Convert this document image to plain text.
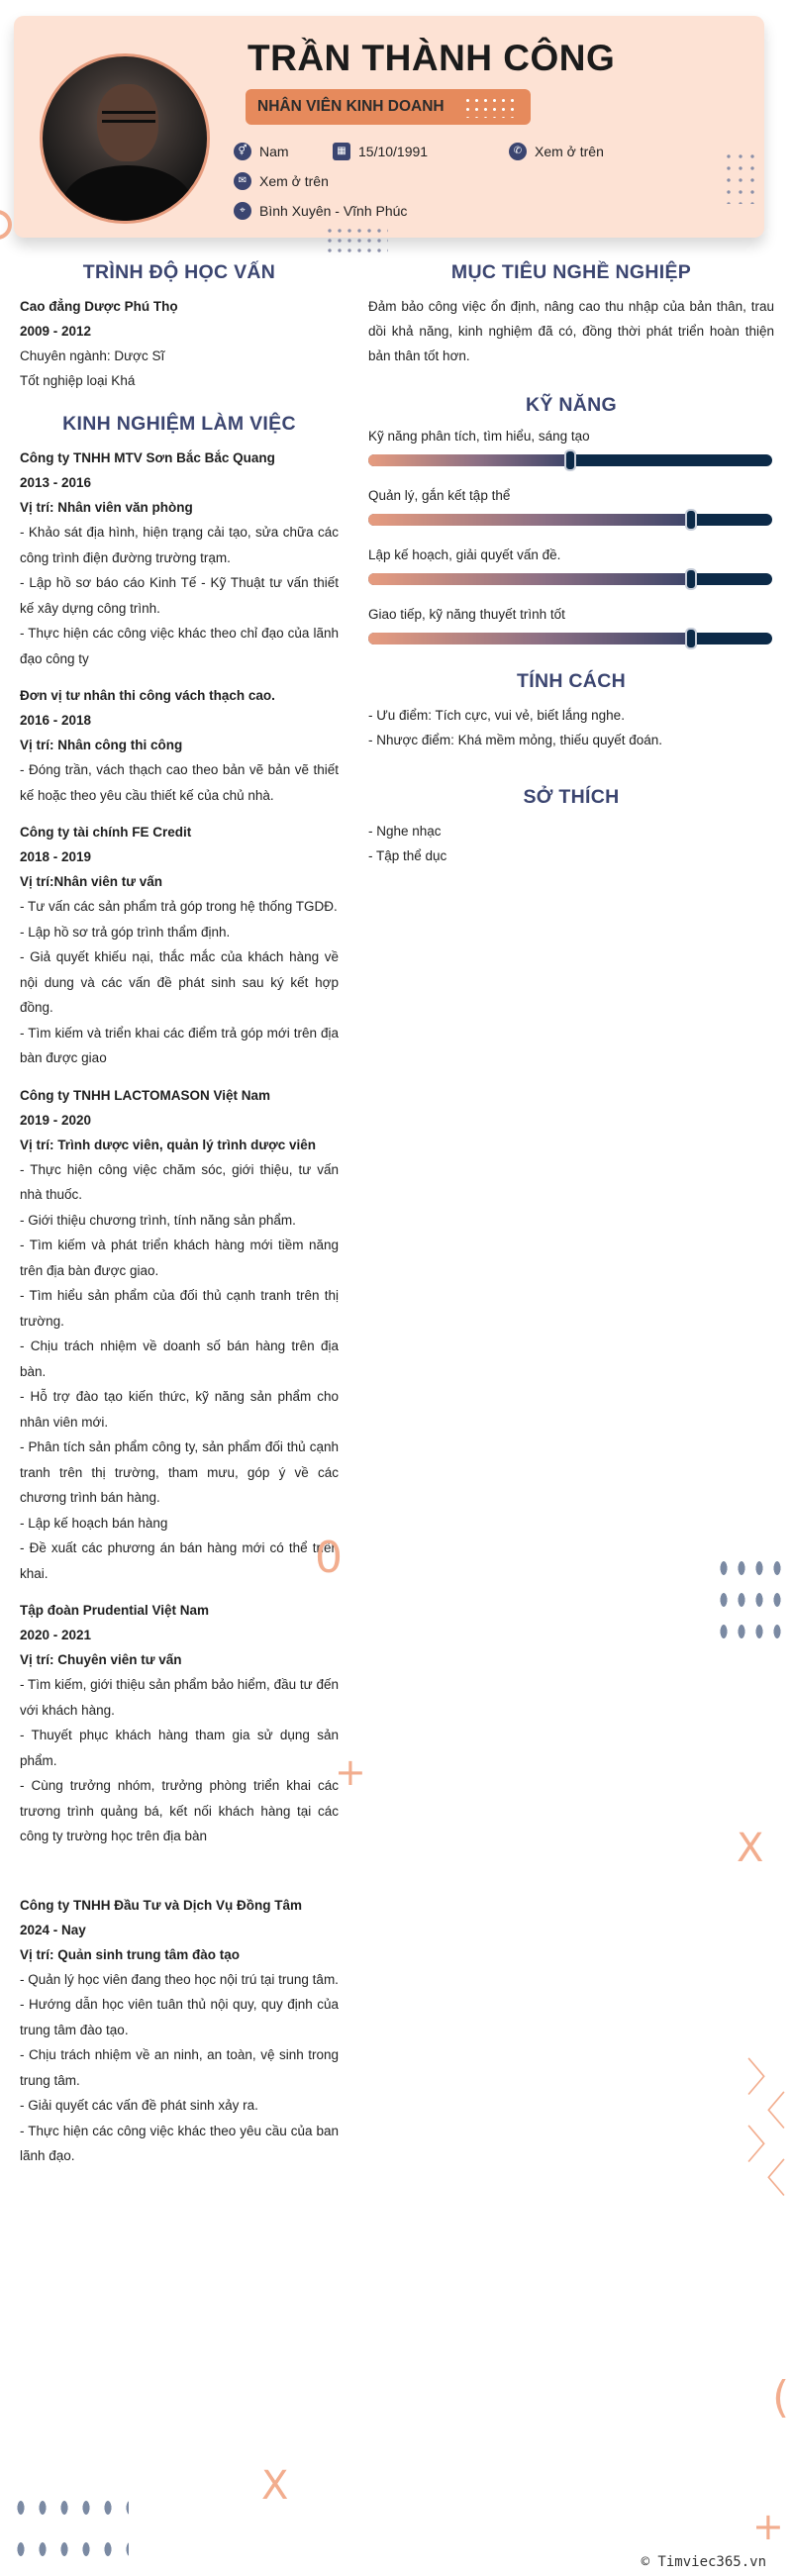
TRẦN THÀNH CÔNG
NHÂN VIÊN KINH DOANH
⚥ Nam	▦ 15/10/1991	✆ Xem ở trên
✉ Xem ở trên
⌖	Bình Xuyên - Vĩnh Phúc
TRÌNH ĐỘ HỌC VẤN
Cao đẳng Dược Phú Thọ
2009 - 2012
Chuyên ngành: Dược Sĩ
Tốt nghiệp loại Khá
KINH NGHIỆM LÀM VIỆC
Công ty TNHH MTV Sơn Bắc Bắc Quang
2013 - 2016
Vị trí: Nhân viên văn phòng
- Khảo sát địa hình, hiện trạng cải tạo, sửa chữa các công trình điện đường trường trạm.
- Lập hồ sơ báo cáo Kinh Tế - Kỹ Thuật tư vấn thiết kế xây dựng công trình.
- Thực hiện các công việc khác theo chỉ đạo của lãnh đạo công ty
Đơn vị tư nhân thi công vách thạch cao.
2016 - 2018
Vị trí: Nhân công thi công
- Đóng trần, vách thạch cao theo bản vẽ bản vẽ thiết kế hoặc theo yêu cầu thiết kế của chủ nhà.
Công ty tài chính FE Credit
2018 - 2019
Vị trí:Nhân viên tư vấn
- Tư vấn các sản phẩm trả góp trong hệ thống TGDĐ.
- Lập hồ sơ trả góp trình thẩm định.
- Giả quyết khiếu nại, thắc mắc của khách hàng về nội dung và các vấn đề phát sinh sau ký kết hợp đồng.
- Tìm kiếm và triển khai các điểm trả góp mới trên địa bàn được giao
Công ty TNHH LACTOMASON Việt Nam
2019 - 2020
Vị trí: Trình dược viên, quản lý trình dược viên
- Thực hiện công việc chăm sóc, giới thiệu, tư vấn nhà thuốc.
- Giới thiệu chương trình, tính năng sản phẩm.
- Tìm kiếm và phát triển khách hàng mới tiềm năng trên địa bàn được giao.
- Tìm hiểu sản phẩm của đối thủ cạnh tranh trên thị trường.
- Chịu trách nhiệm về doanh số bán hàng trên địa bàn.
- Hỗ trợ đào tạo kiến thức, kỹ năng sản phẩm cho nhân viên mới.
- Phân tích sản phẩm công ty, sản phẩm đối thủ cạnh tranh trên thị trường, tham mưu, góp ý về các chương trình bán hàng.
- Lập kế hoạch bán hàng
- Đề xuất các phương án bán hàng mới có thể triển khai.
Tập đoàn Prudential Việt Nam
2020 - 2021
Vị trí: Chuyên viên tư vấn
- Tìm kiếm, giới thiệu sản phẩm bảo hiểm, đầu tư đến với khách hàng.
- Thuyết phục khách hàng tham gia sử dụng sản phẩm.
- Cùng trưởng nhóm, trưởng phòng triển khai các trương trình quảng bá, kết nối khách hàng tại các công ty trường học trên địa bàn
Công ty TNHH Đầu Tư và Dịch Vụ Đồng Tâm
2024 - Nay
Vị trí: Quản sinh trung tâm đào tạo
- Quản lý học viên đang theo học nội trú tại trung tâm.
- Hướng dẫn học viên tuân thủ nội quy, quy định của trung tâm đào tạo.
- Chịu trách nhiệm về an ninh, an toàn, vệ sinh trong trung tâm.
- Giải quyết các vấn đề phát sinh xảy ra.
- Thực hiện các công việc khác theo yêu cầu của ban lãnh đạo.
MỤC TIÊU NGHỀ NGHIỆP
Đảm bảo công việc ổn định, nâng cao thu nhập của bản thân, trau dồi khả năng, kinh nghiệm đã có, đồng thời phát triển hoàn thiện bản thân tốt hơn.
KỸ NĂNG
Kỹ năng phân tích, tìm hiểu, sáng tạo
Quản lý, gắn kết tập thể
Lập kế hoạch, giải quyết vấn đề.
Giao tiếp, kỹ năng thuyết trình tốt
TÍNH CÁCH
- Ưu điểm: Tích cực, vui vẻ, biết lắng nghe.
- Nhược điểm: Khá mềm mỏng, thiếu quyết đoán.
SỞ THÍCH
- Nghe nhạc
- Tập thể dục
0
+
X
〉
〈
〉
〈
(
X
+
© Timviec365.vn
